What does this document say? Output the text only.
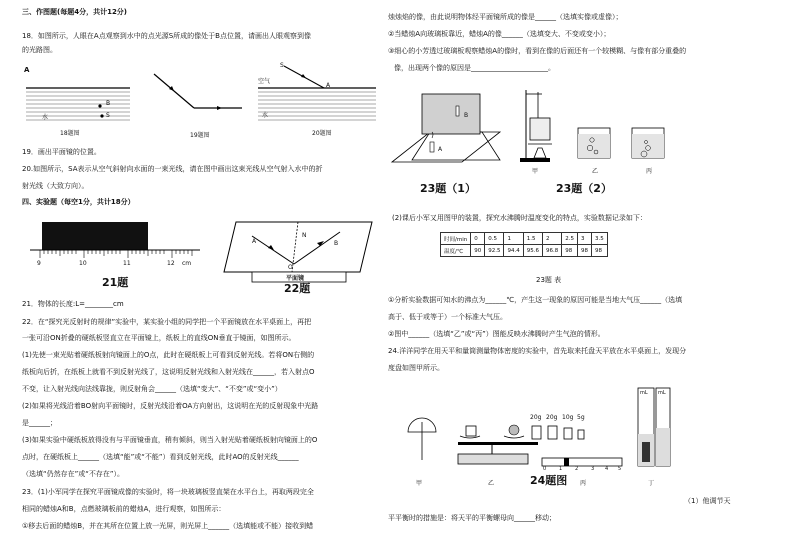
三、作图题(每题4分，共计12分)
18．如图所示，人眼在A点观察到水中的点光源S所成的像处于B点位置，请画出人眼观察到像
的光路图。
A
B
S
水
18题图	19题图
空气
S
A
水
20题图
19．画出平面镜的位置。
20.如图所示，SA表示从空气斜射向水面的一束光线，请在图中画出这束光线从空气射入水中的折
射光线（大致方向）。
四、实验题（每空1分，共计18分）
9	10	11	12 cm
21题
A
N
B
O
平面镜
22题
21．物体的长度:L=________cm
22．在“探究光反射时的规律”实验中，某实验小组的同学把一个平面镜放在水平桌面上，再把
一张可沿ON折叠的硬纸板竖直立在平面镜上，纸板上的直线ON垂直于镜面，如图所示。
(1)先使一束光贴着硬纸板射向镜面上的O点，此时在硬纸板上可看到反射光线。若将ON右侧的
纸板向后折，在纸板上就看不到反射光线了，这说明反射光线和入射光线在______，若入射点O
不变，让入射光线向法线靠拢，则反射角会______（选填“变大”、“不变”或“变小”）
(2)如果将光线沿着BO射向平面镜时，反射光线沿着OA方向射出，这说明在光的反射现象中光路
是______；
(3)如果实验中硬纸板放得没有与平面镜垂直，稍有倾斜，则当入射光贴着硬纸板射向镜面上的O
点时，在硬纸板上______（选填“能”或“不能”）看到反射光线，此时AO的反射光线______
（选填“仍然存在”或“不存在”）。
23．(1)小军同学在探究平面镜成像的实验时，将一块玻璃板竖直架在水平台上，再取两段完全
相同的蜡烛A和B，点燃玻璃板前的蜡烛A，进行观察，如图所示：
①移去后面的蜡烛B，并在其所在位置上放一光屏，则光屏上______（选填能或不能）接收到蜡
烛烛焰的像，由此说明物体经平面镜所成的像是______（选填实像或虚像）；
②当蜡烛A向玻璃板靠近，蜡烛A的像______（选填变大、不变或变小）；
③细心的小芳透过玻璃板观察蜡烛A的像时，看到在像的后面还有一个较模糊、与像有部分重叠的
像，出现两个像的原因是______________________。
A
B
23题（1）
甲	乙	丙
23题（2）
(2)课后小军又用图甲的装置，探究水沸腾时温度变化的特点，实验数据记录如下：
时间/min	0	0.5	1	1.5	2	2.5	3	3.5
温度/℃	90	92.5	94.4	95.6	96.8	98	98	98
23题 表
①分析实验数据可知水的沸点为______℃，产生这一现象的原因可能是当地大气压______（选填
高于、低于或等于）一个标准大气压。
②图中______（选填“乙”或“丙”）图能反映水沸腾时产生气泡的情形。
24.洋洋同学在用天平和量筒测量物体密度的实验中，首先取来托盘天平放在水平桌面上，发现分
度盘如图甲所示。
20g 20g 10g 5g
0	1	2	3 4 5
mL mL
甲	乙	24题图 丙	丁
（1）他调节天
平平衡时的措施是：将天平的平衡螺母向______移动；
